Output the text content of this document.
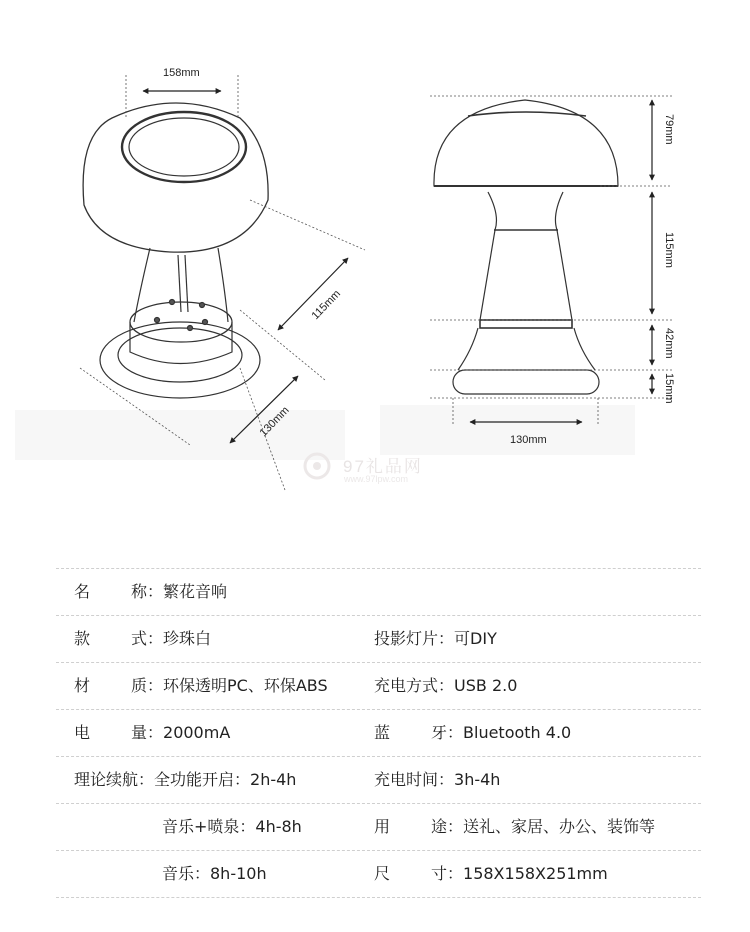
158mm
115mm
130mm
79mm
115mm
42mm
15mm
130mm
97礼品网
www.97lpw.com
名	称 ：繁花音响
款	式 ：珍珠白	投影灯片：可DIY
材	质 ：环保透明PC、环保ABS	充电方式：USB 2.0
电	量 ：2000mA	蓝	牙 ：Bluetooth 4.0
理论续航：全功能开启：2h-4h	充电时间：3h-4h
音乐+喷泉：4h-8h	用	途 ：送礼、家居、办公、装饰等
音乐：8h-10h	尺	寸 ：158X158X251mm
